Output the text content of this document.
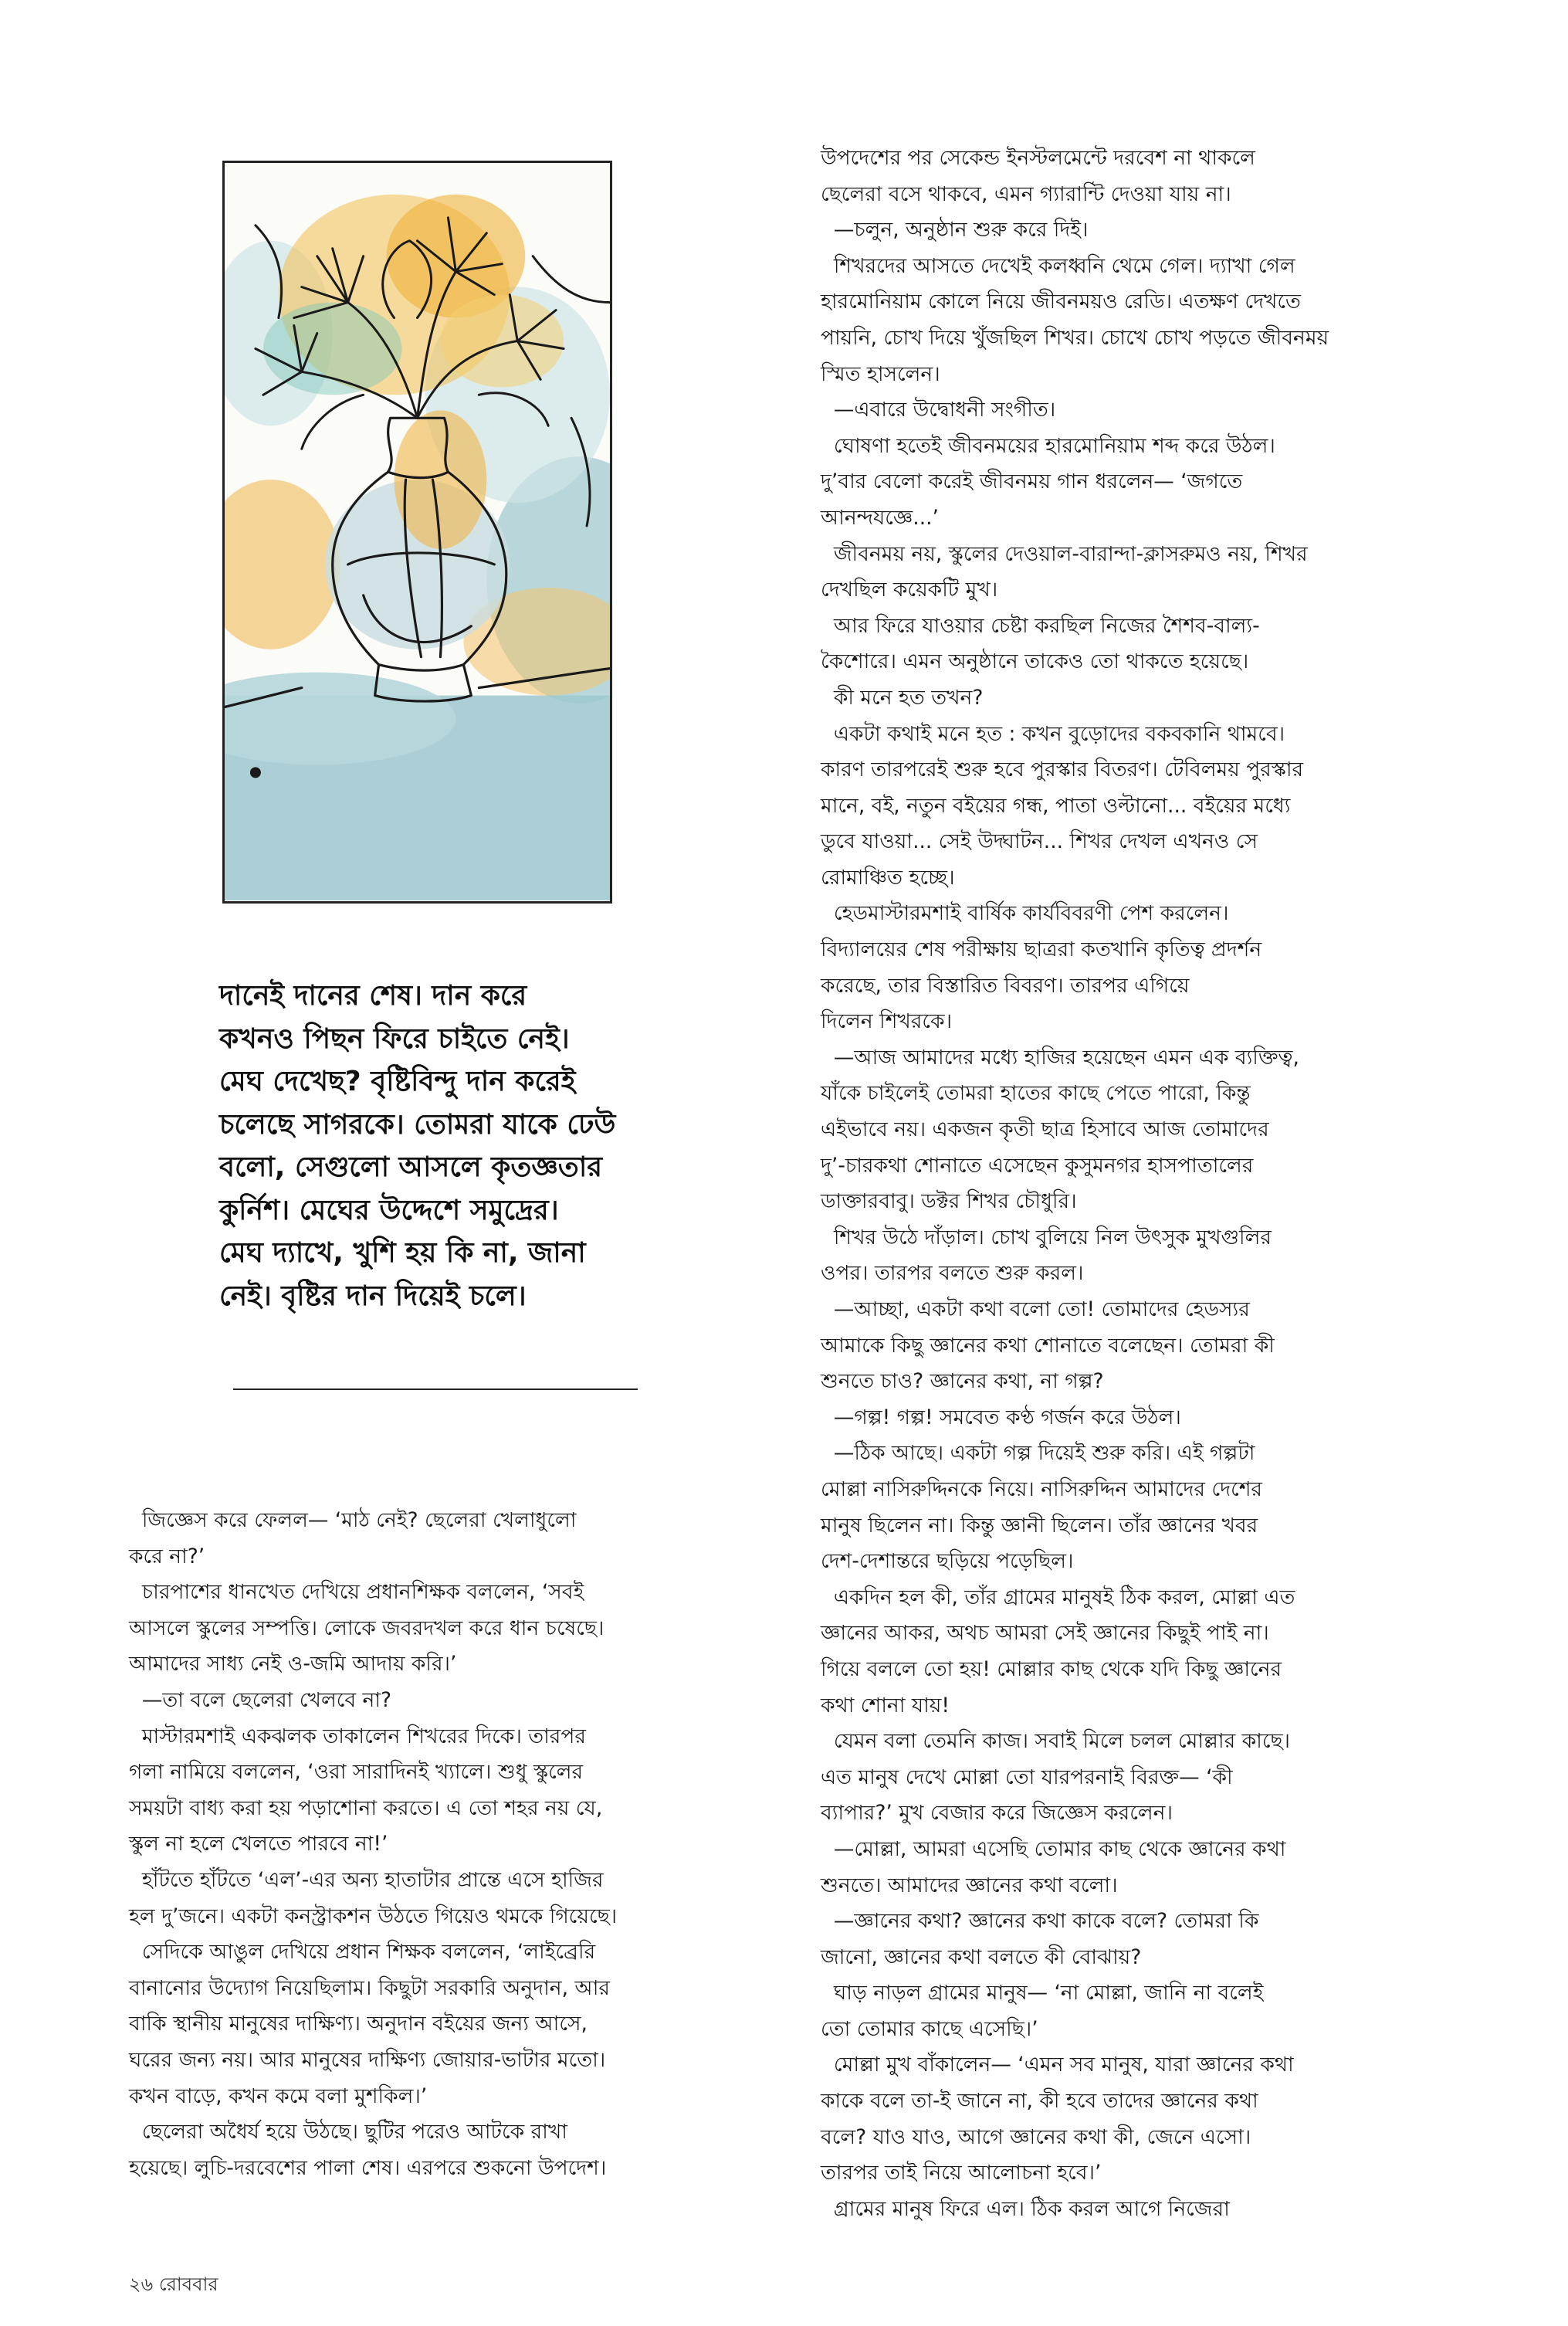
দানেই দানের শেষ। দান করে
কখনও পিছন ফিরে চাইতে নেই।
মেঘ দেখেছ? বৃষ্টিবিন্দু দান করেই
চলেছে সাগরকে। তোমরা যাকে ঢেউ
বলো, সেগুলো আসলে কৃতজ্ঞতার
কুর্নিশ। মেঘের উদ্দেশে সমুদ্রের।
মেঘ দ্যাখে, খুশি হয় কি না, জানা
নেই। বৃষ্টির দান দিয়েই চলে।
জিজ্ঞেস করে ফেলল— ‘মাঠ নেই? ছেলেরা খেলাধুলো
করে না?’
চারপাশের ধানখেত দেখিয়ে প্রধানশিক্ষক বললেন, ‘সবই
আসলে স্কুলের সম্পত্তি। লোকে জবরদখল করে ধান চষেছে।
আমাদের সাধ্য নেই ও-জমি আদায় করি।’
—তা বলে ছেলেরা খেলবে না?
মাস্টারমশাই একঝলক তাকালেন শিখরের দিকে। তারপর
গলা নামিয়ে বললেন, ‘ওরা সারাদিনই খ্যালে। শুধু স্কুলের
সময়টা বাধ্য করা হয় পড়াশোনা করতে। এ তো শহর নয় যে,
স্কুল না হলে খেলতে পারবে না!’
হাঁটতে হাঁটতে ‘এল’-এর অন্য হাতাটার প্রান্তে এসে হাজির
হল দু’জনে। একটা কনস্ট্রাকশন উঠতে গিয়েও থমকে গিয়েছে।
সেদিকে আঙুল দেখিয়ে প্রধান শিক্ষক বললেন, ‘লাইব্রেরি
বানানোর উদ্যোগ নিয়েছিলাম। কিছুটা সরকারি অনুদান, আর
বাকি স্থানীয় মানুষের দাক্ষিণ্য। অনুদান বইয়ের জন্য আসে,
ঘরের জন্য নয়। আর মানুষের দাক্ষিণ্য জোয়ার-ভাটার মতো।
কখন বাড়ে, কখন কমে বলা মুশকিল।’
ছেলেরা অধৈর্য হয়ে উঠছে। ছুটির পরেও আটকে রাখা
হয়েছে। লুচি-দরবেশের পালা শেষ। এরপরে শুকনো উপদেশ।
উপদেশের পর সেকেন্ড ইনস্টলমেন্টে দরবেশ না থাকলে
ছেলেরা বসে থাকবে, এমন গ্যারান্টি দেওয়া যায় না।
—চলুন, অনুষ্ঠান শুরু করে দিই।
শিখরদের আসতে দেখেই কলধ্বনি থেমে গেল। দ্যাখা গেল
হারমোনিয়াম কোলে নিয়ে জীবনময়ও রেডি। এতক্ষণ দেখতে
পায়নি, চোখ দিয়ে খুঁজছিল শিখর। চোখে চোখ পড়তে জীবনময়
স্মিত হাসলেন।
—এবারে উদ্বোধনী সংগীত।
ঘোষণা হতেই জীবনময়ের হারমোনিয়াম শব্দ করে উঠল।
দু’বার বেলো করেই জীবনময় গান ধরলেন— ‘জগতে
আনন্দযজ্ঞে...’
জীবনময় নয়, স্কুলের দেওয়াল-বারান্দা-ক্লাসরুমও নয়, শিখর
দেখছিল কয়েকটি মুখ।
আর ফিরে যাওয়ার চেষ্টা করছিল নিজের শৈশব-বাল্য-
কৈশোরে। এমন অনুষ্ঠানে তাকেও তো থাকতে হয়েছে।
কী মনে হত তখন?
একটা কথাই মনে হত : কখন বুড়োদের বকবকানি থামবে।
কারণ তারপরেই শুরু হবে পুরস্কার বিতরণ। টেবিলময় পুরস্কার
মানে, বই, নতুন বইয়ের গন্ধ, পাতা ওল্টানো... বইয়ের মধ্যে
ডুবে যাওয়া... সেই উদ্ঘাটন... শিখর দেখল এখনও সে
রোমাঞ্চিত হচ্ছে।
হেডমাস্টারমশাই বার্ষিক কার্যবিবরণী পেশ করলেন।
বিদ্যালয়ের শেষ পরীক্ষায় ছাত্ররা কতখানি কৃতিত্ব প্রদর্শন
করেছে, তার বিস্তারিত বিবরণ। তারপর এগিয়ে
দিলেন শিখরকে।
—আজ আমাদের মধ্যে হাজির হয়েছেন এমন এক ব্যক্তিত্ব,
যাঁকে চাইলেই তোমরা হাতের কাছে পেতে পারো, কিন্তু
এইভাবে নয়। একজন কৃতী ছাত্র হিসাবে আজ তোমাদের
দু’-চারকথা শোনাতে এসেছেন কুসুমনগর হাসপাতালের
ডাক্তারবাবু। ডক্টর শিখর চৌধুরি।
শিখর উঠে দাঁড়াল। চোখ বুলিয়ে নিল উৎসুক মুখগুলির
ওপর। তারপর বলতে শুরু করল।
—আচ্ছা, একটা কথা বলো তো! তোমাদের হেডস্যর
আমাকে কিছু জ্ঞানের কথা শোনাতে বলেছেন। তোমরা কী
শুনতে চাও? জ্ঞানের কথা, না গল্প?
—গল্প! গল্প! সমবেত কণ্ঠ গর্জন করে উঠল।
—ঠিক আছে। একটা গল্প দিয়েই শুরু করি। এই গল্পটা
মোল্লা নাসিরুদ্দিনকে নিয়ে। নাসিরুদ্দিন আমাদের দেশের
মানুষ ছিলেন না। কিন্তু জ্ঞানী ছিলেন। তাঁর জ্ঞানের খবর
দেশ-দেশান্তরে ছড়িয়ে পড়েছিল।
একদিন হল কী, তাঁর গ্রামের মানুষই ঠিক করল, মোল্লা এত
জ্ঞানের আকর, অথচ আমরা সেই জ্ঞানের কিছুই পাই না।
গিয়ে বললে তো হয়! মোল্লার কাছ থেকে যদি কিছু জ্ঞানের
কথা শোনা যায়!
যেমন বলা তেমনি কাজ। সবাই মিলে চলল মোল্লার কাছে।
এত মানুষ দেখে মোল্লা তো যারপরনাই বিরক্ত— ‘কী
ব্যাপার?’ মুখ বেজার করে জিজ্ঞেস করলেন।
—মোল্লা, আমরা এসেছি তোমার কাছ থেকে জ্ঞানের কথা
শুনতে। আমাদের জ্ঞানের কথা বলো।
—জ্ঞানের কথা? জ্ঞানের কথা কাকে বলে? তোমরা কি
জানো, জ্ঞানের কথা বলতে কী বোঝায়?
ঘাড় নাড়ল গ্রামের মানুষ— ‘না মোল্লা, জানি না বলেই
তো তোমার কাছে এসেছি।’
মোল্লা মুখ বাঁকালেন— ‘এমন সব মানুষ, যারা জ্ঞানের কথা
কাকে বলে তা-ই জানে না, কী হবে তাদের জ্ঞানের কথা
বলে? যাও যাও, আগে জ্ঞানের কথা কী, জেনে এসো।
তারপর তাই নিয়ে আলোচনা হবে।’
গ্রামের মানুষ ফিরে এল। ঠিক করল আগে নিজেরা
২৬ রোববার
